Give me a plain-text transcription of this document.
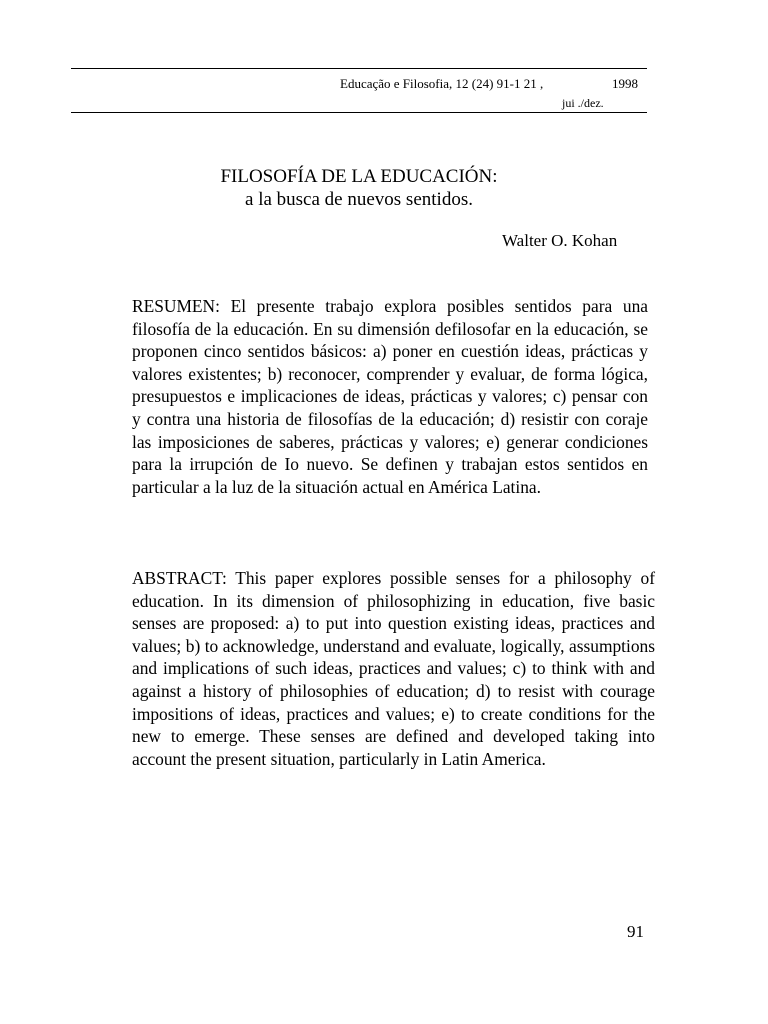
Educação e Filosofia, 12 (24) 91-1 21 ,	1998
jui ./dez.
FILOSOFÍA DE LA EDUCACIÓN:
a la busca de nuevos sentidos.
Walter O. Kohan

RESUMEN: El presente trabajo explora posibles sentidos para una filosofía de la educación. En su dimensión defilosofar en la educación, se proponen cinco sentidos básicos: a) poner en cuestión ideas, prácticas y valores existentes; b) reconocer, comprender y evaluar, de forma lógica, presupuestos e implicaciones de ideas, prácticas y valores; c) pensar con y contra una historia de filosofías de la educación; d) resistir con coraje las imposiciones de saberes, prácticas y valores; e) generar condiciones para la irrupción de Io nuevo. Se definen y trabajan estos sentidos en particular a la luz de la situación actual en América Latina.

ABSTRACT: This paper explores possible senses for a philosophy of education. In its dimension of philosophizing in education, five basic senses are proposed: a) to put into question existing ideas, practices and values; b) to acknowledge, understand and evaluate, logically, assumptions and implications of such ideas, practices and values; c) to think with and against a history of philosophies of education; d) to resist with courage impositions of ideas, practices and values; e) to create conditions for the new to emerge. These senses are defined and developed taking into account the present situation, particularly in Latin America.

91
